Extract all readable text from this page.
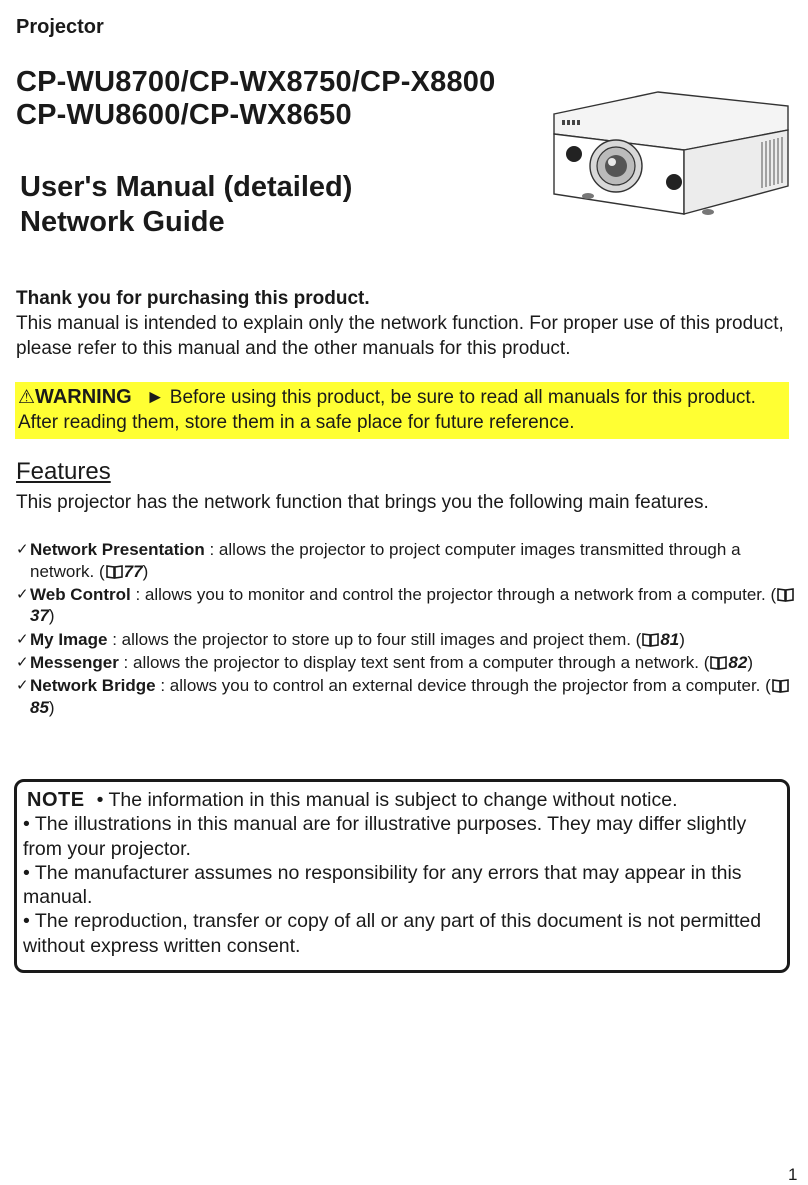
Projector
CP-WU8700/CP-WX8750/CP-X8800
CP-WU8600/CP-WX8650
User's Manual (detailed)
Network Guide
Thank you for purchasing this product.
This manual is intended to explain only the network function. For proper use of this product, please refer to this manual and the other manuals for this product.
⚠WARNING ► Before using this product, be sure to read all manuals for this product. After reading them, store them in a safe place for future reference.
Features
This projector has the network function that brings you the following main features.
✓ Network Presentation : allows the projector to project computer images transmitted through a network. ( 77)
✓ Web Control : allows you to monitor and control the projector through a network from a computer. (37)
✓ My Image : allows the projector to store up to four still images and project them. ( 81)
✓ Messenger : allows the projector to display text sent from a computer through a network. ( 82)
✓ Network Bridge : allows you to control an external device through the projector from a computer. (85)
NOTE • The information in this manual is subject to change without notice.
• The illustrations in this manual are for illustrative purposes. They may differ slightly from your projector.
• The manufacturer assumes no responsibility for any errors that may appear in this manual.
• The reproduction, transfer or copy of all or any part of this document is not permitted without express written consent.
1
